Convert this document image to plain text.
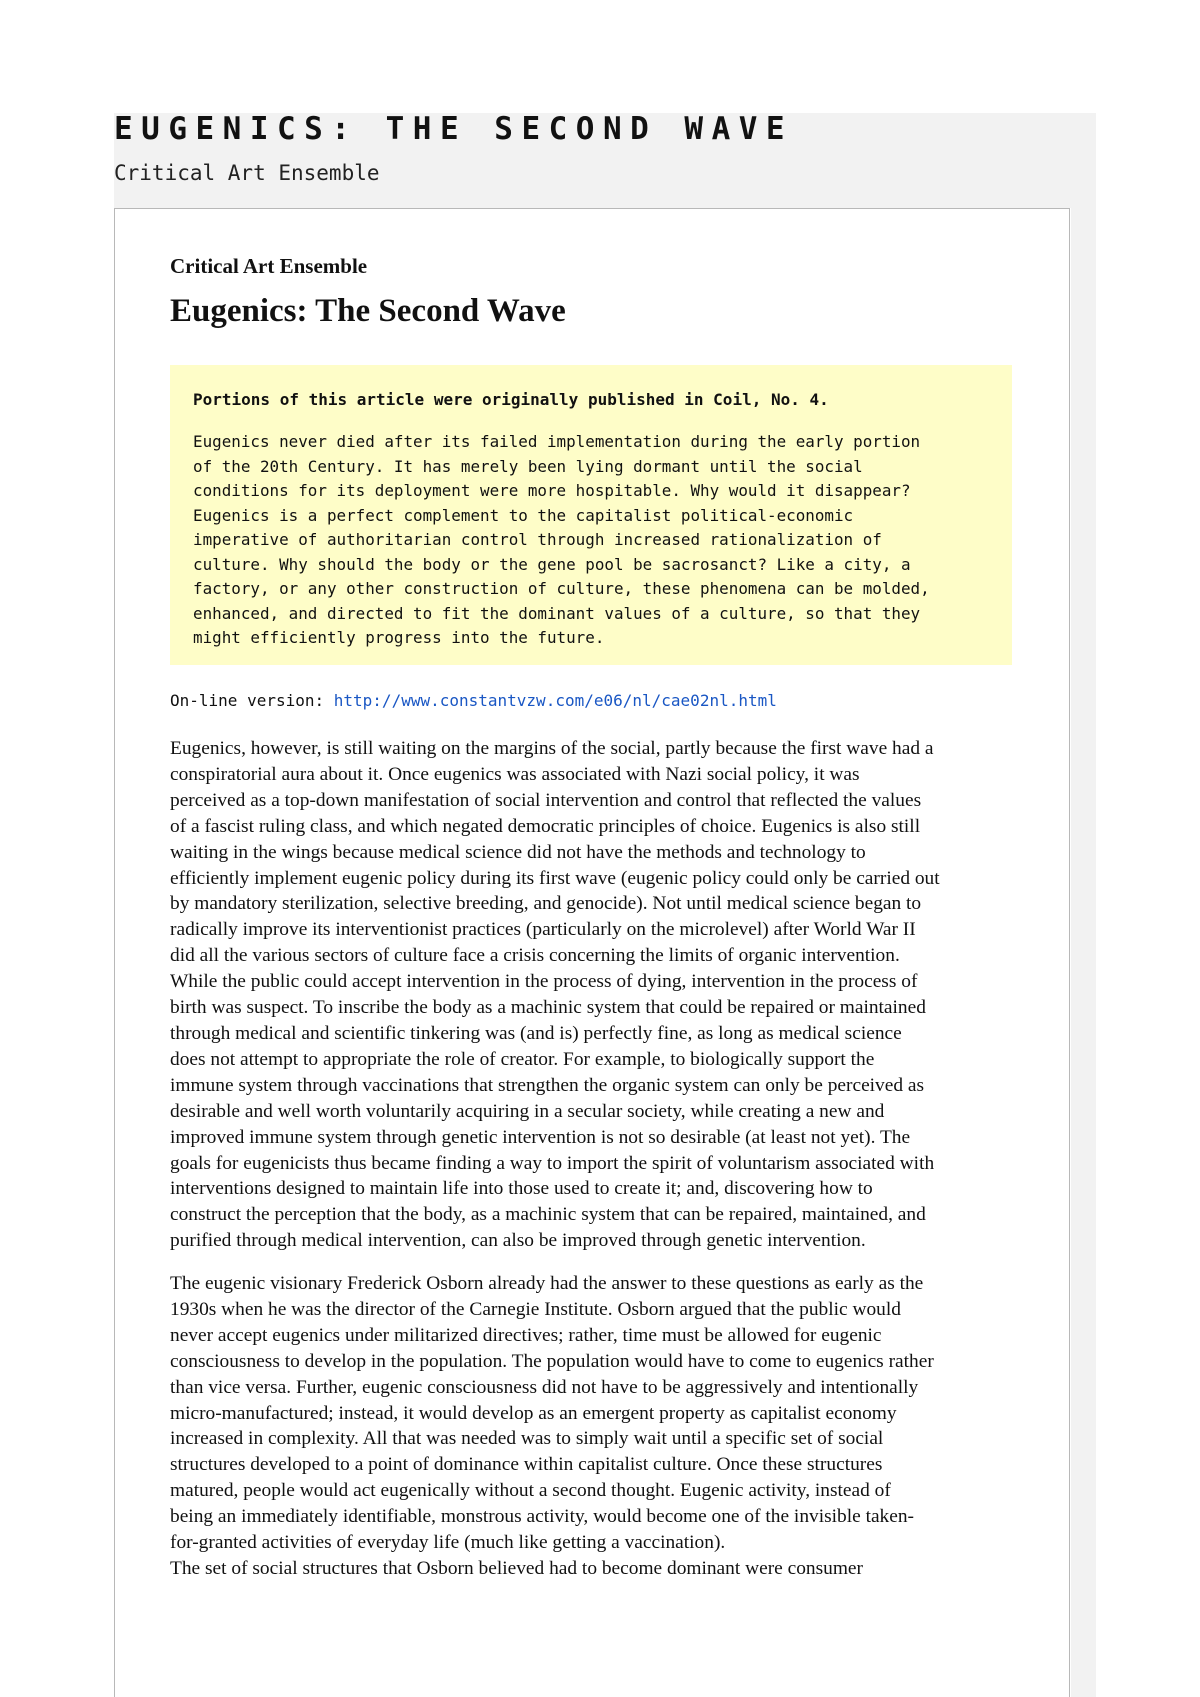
EUGENICS: THE SECOND WAVE
Critical Art Ensemble
Critical Art Ensemble
Eugenics: The Second Wave

Portions of this article were originally published in Coil, No. 4.

Eugenics never died after its failed implementation during the early portion
of the 20th Century. It has merely been lying dormant until the social
conditions for its deployment were more hospitable. Why would it disappear?
Eugenics is a perfect complement to the capitalist political-economic
imperative of authoritarian control through increased rationalization of
culture. Why should the body or the gene pool be sacrosanct? Like a city, a
factory, or any other construction of culture, these phenomena can be molded,
enhanced, and directed to fit the dominant values of a culture, so that they
might efficiently progress into the future.

On-line version: http://www.constantvzw.com/e06/nl/cae02nl.html

Eugenics, however, is still waiting on the margins of the social, partly because the first wave had a
conspiratorial aura about it. Once eugenics was associated with Nazi social policy, it was
perceived as a top-down manifestation of social intervention and control that reflected the values
of a fascist ruling class, and which negated democratic principles of choice. Eugenics is also still
waiting in the wings because medical science did not have the methods and technology to
efficiently implement eugenic policy during its first wave (eugenic policy could only be carried out
by mandatory sterilization, selective breeding, and genocide). Not until medical science began to
radically improve its interventionist practices (particularly on the microlevel) after World War II
did all the various sectors of culture face a crisis concerning the limits of organic intervention.
While the public could accept intervention in the process of dying, intervention in the process of
birth was suspect. To inscribe the body as a machinic system that could be repaired or maintained
through medical and scientific tinkering was (and is) perfectly fine, as long as medical science
does not attempt to appropriate the role of creator. For example, to biologically support the
immune system through vaccinations that strengthen the organic system can only be perceived as
desirable and well worth voluntarily acquiring in a secular society, while creating a new and
improved immune system through genetic intervention is not so desirable (at least not yet). The
goals for eugenicists thus became finding a way to import the spirit of voluntarism associated with
interventions designed to maintain life into those used to create it; and, discovering how to
construct the perception that the body, as a machinic system that can be repaired, maintained, and
purified through medical intervention, can also be improved through genetic intervention.

The eugenic visionary Frederick Osborn already had the answer to these questions as early as the
1930s when he was the director of the Carnegie Institute. Osborn argued that the public would
never accept eugenics under militarized directives; rather, time must be allowed for eugenic
consciousness to develop in the population. The population would have to come to eugenics rather
than vice versa. Further, eugenic consciousness did not have to be aggressively and intentionally
micro-manufactured; instead, it would develop as an emergent property as capitalist economy
increased in complexity. All that was needed was to simply wait until a specific set of social
structures developed to a point of dominance within capitalist culture. Once these structures
matured, people would act eugenically without a second thought. Eugenic activity, instead of
being an immediately identifiable, monstrous activity, would become one of the invisible taken-
for-granted activities of everyday life (much like getting a vaccination).
The set of social structures that Osborn believed had to become dominant were consumer
